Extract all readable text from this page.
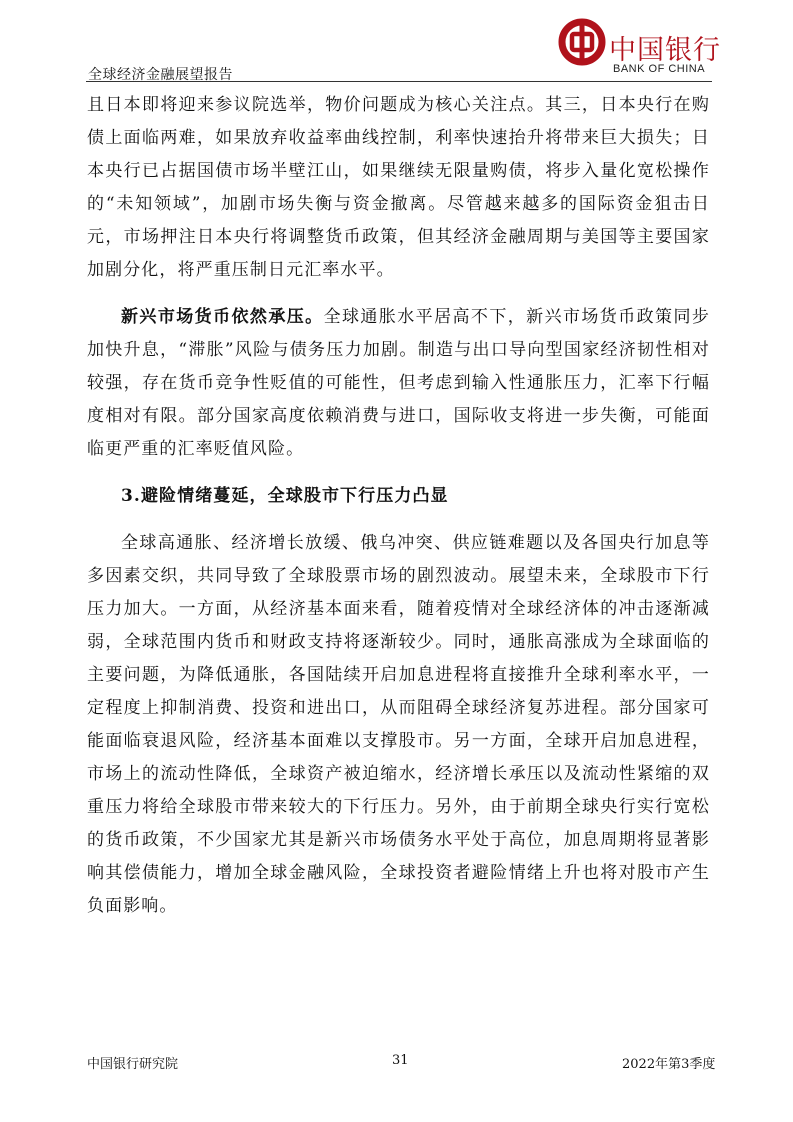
全球经济金融展望报告
中国银行
BANK OF CHINA

且日本即将迎来参议院选举，物价问题成为核心关注点。其三，日本央行在购债上面临两难，如果放弃收益率曲线控制，利率快速抬升将带来巨大损失；日本央行已占据国债市场半壁江山，如果继续无限量购债，将步入量化宽松操作的“未知领域”，加剧市场失衡与资金撤离。尽管越来越多的国际资金狙击日元，市场押注日本央行将调整货币政策，但其经济金融周期与美国等主要国家加剧分化，将严重压制日元汇率水平。

新兴市场货币依然承压。全球通胀水平居高不下，新兴市场货币政策同步加快升息，“滞胀”风险与债务压力加剧。制造与出口导向型国家经济韧性相对较强，存在货币竞争性贬值的可能性，但考虑到输入性通胀压力，汇率下行幅度相对有限。部分国家高度依赖消费与进口，国际收支将进一步失衡，可能面临更严重的汇率贬值风险。

3.避险情绪蔓延，全球股市下行压力凸显

全球高通胀、经济增长放缓、俄乌冲突、供应链难题以及各国央行加息等多因素交织，共同导致了全球股票市场的剧烈波动。展望未来，全球股市下行压力加大。一方面，从经济基本面来看，随着疫情对全球经济体的冲击逐渐减弱，全球范围内货币和财政支持将逐渐较少。同时，通胀高涨成为全球面临的主要问题，为降低通胀，各国陆续开启加息进程将直接推升全球利率水平，一定程度上抑制消费、投资和进出口，从而阻碍全球经济复苏进程。部分国家可能面临衰退风险，经济基本面难以支撑股市。另一方面，全球开启加息进程，市场上的流动性降低，全球资产被迫缩水，经济增长承压以及流动性紧缩的双重压力将给全球股市带来较大的下行压力。另外，由于前期全球央行实行宽松的货币政策，不少国家尤其是新兴市场债务水平处于高位，加息周期将显著影响其偿债能力，增加全球金融风险，全球投资者避险情绪上升也将对股市产生负面影响。

中国银行研究院	31	2022年第3季度
